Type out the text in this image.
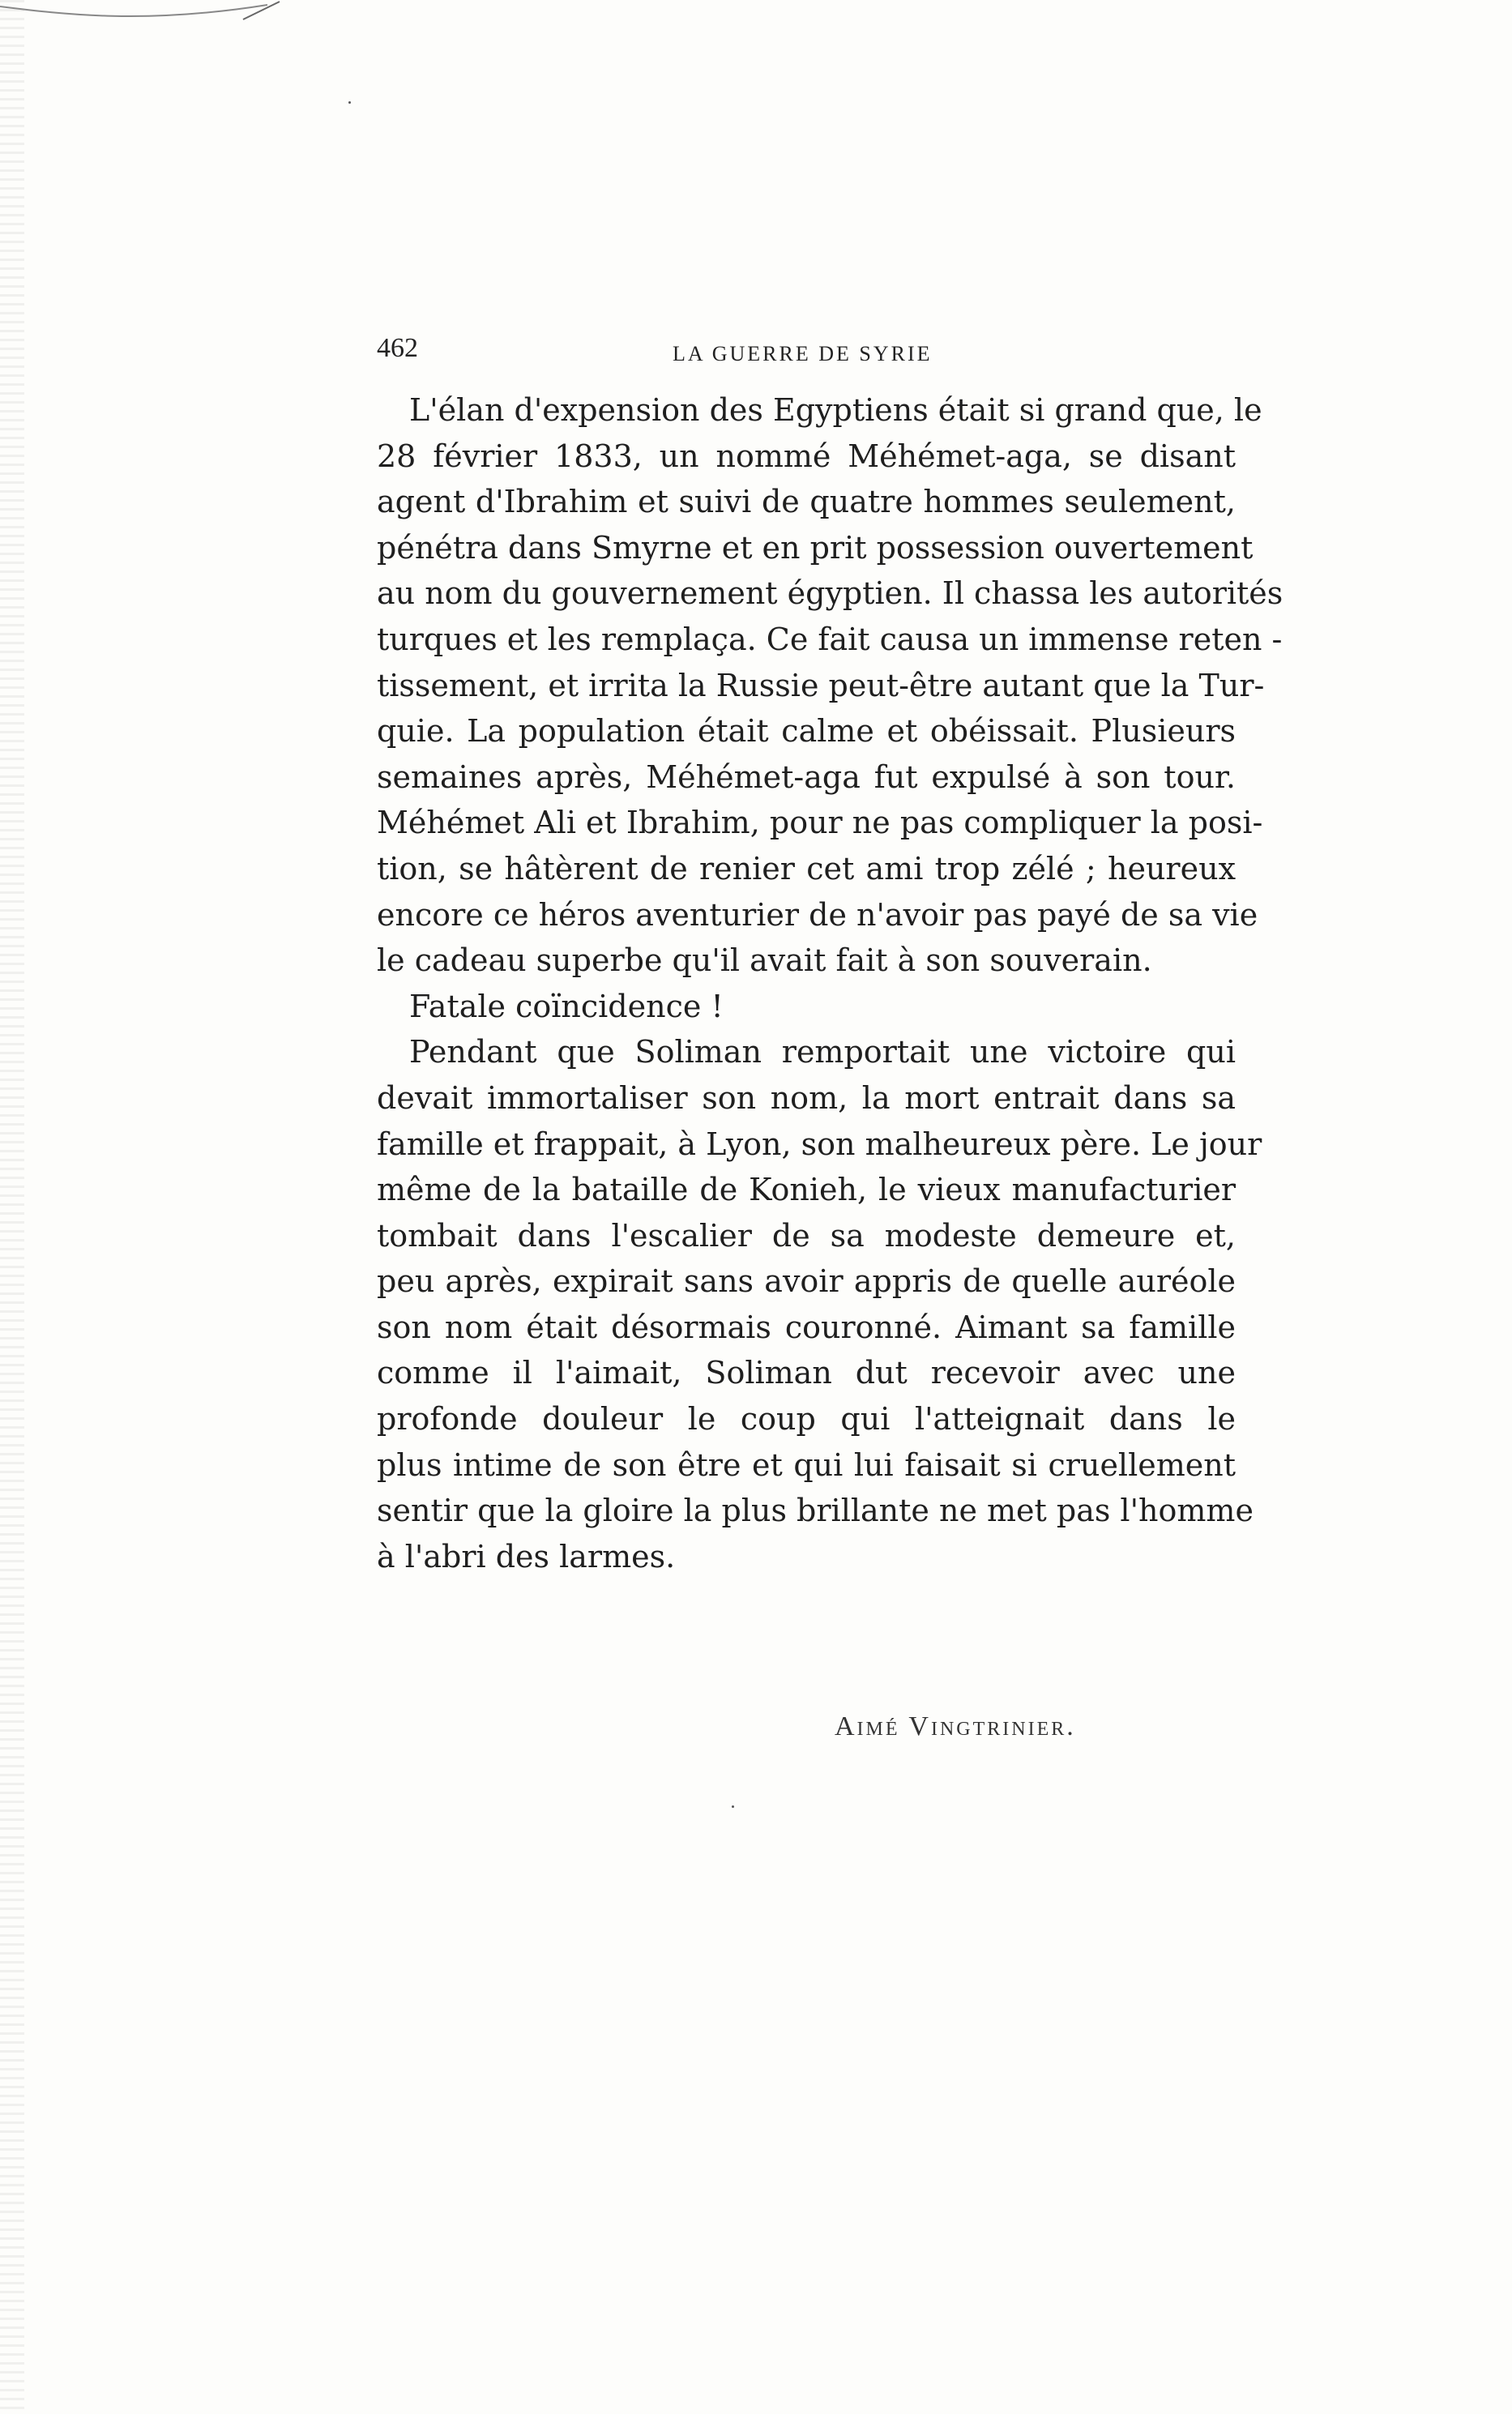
462	LA GUERRE DE SYRIE
L'élan d'expension des Egyptiens était si grand que, le
28 février 1833, un nommé Méhémet-aga, se disant
agent d'Ibrahim et suivi de quatre hommes seulement,
pénétra dans Smyrne et en prit possession ouvertement
au nom du gouvernement égyptien. Il chassa les autorités
turques et les remplaça. Ce fait causa un immense reten -
tissement, et irrita la Russie peut-être autant que la Tur-
quie. La population était calme et obéissait. Plusieurs
semaines après, Méhémet-aga fut expulsé à son tour.
Méhémet Ali et Ibrahim, pour ne pas compliquer la posi-
tion, se hâtèrent de renier cet ami trop zélé ; heureux
encore ce héros aventurier de n'avoir pas payé de sa vie
le cadeau superbe qu'il avait fait à son souverain.
Fatale coïncidence !
Pendant que Soliman remportait une victoire qui
devait immortaliser son nom, la mort entrait dans sa
famille et frappait, à Lyon, son malheureux père. Le jour
même de la bataille de Konieh, le vieux manufacturier
tombait dans l'escalier de sa modeste demeure et,
peu après, expirait sans avoir appris de quelle auréole
son nom était désormais couronné. Aimant sa famille
comme il l'aimait, Soliman dut recevoir avec une
profonde douleur le coup qui l'atteignait dans le
plus intime de son être et qui lui faisait si cruellement
sentir que la gloire la plus brillante ne met pas l'homme
à l'abri des larmes.
Aimé Vingtrinier.
